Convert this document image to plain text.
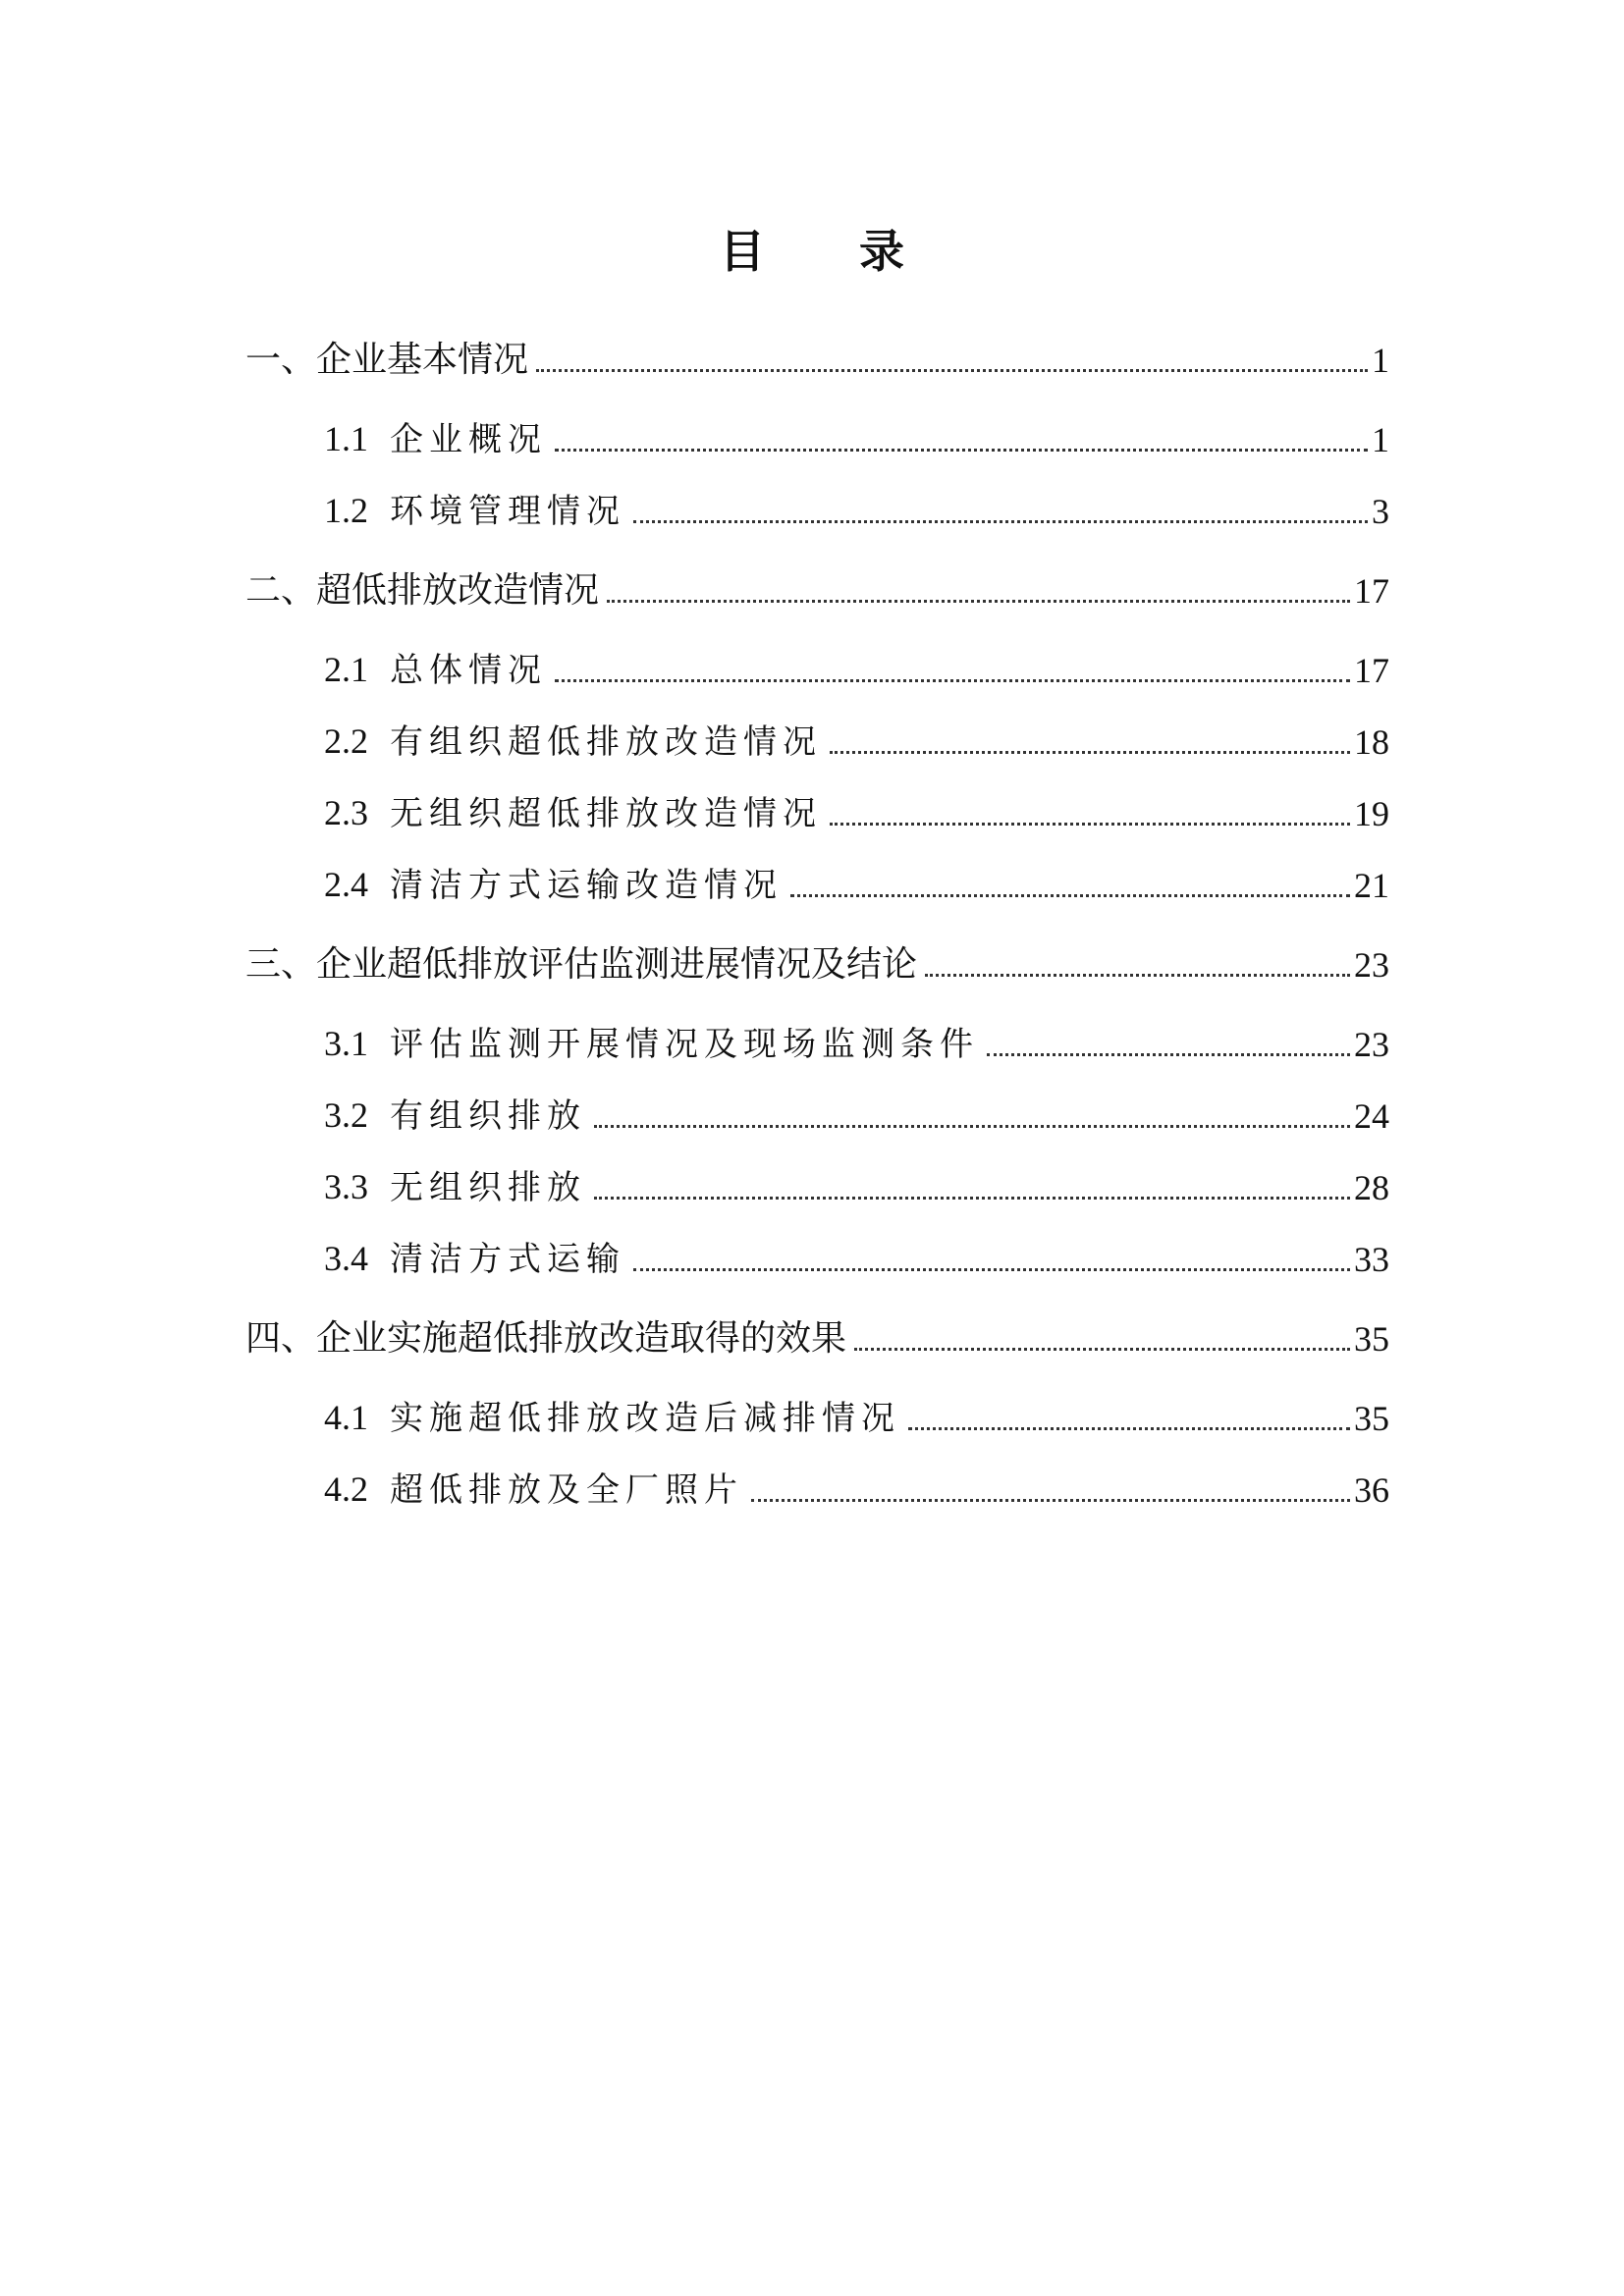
目 录
一、企业基本情况	1
1.1 企业概况	1
1.2 环境管理情况	3
二、超低排放改造情况	17
2.1 总体情况	17
2.2 有组织超低排放改造情况	18
2.3 无组织超低排放改造情况	19
2.4 清洁方式运输改造情况	21
三、企业超低排放评估监测进展情况及结论	23
3.1 评估监测开展情况及现场监测条件	23
3.2 有组织排放	24
3.3 无组织排放	28
3.4 清洁方式运输	33
四、企业实施超低排放改造取得的效果	35
4.1 实施超低排放改造后减排情况	35
4.2 超低排放及全厂照片	36
